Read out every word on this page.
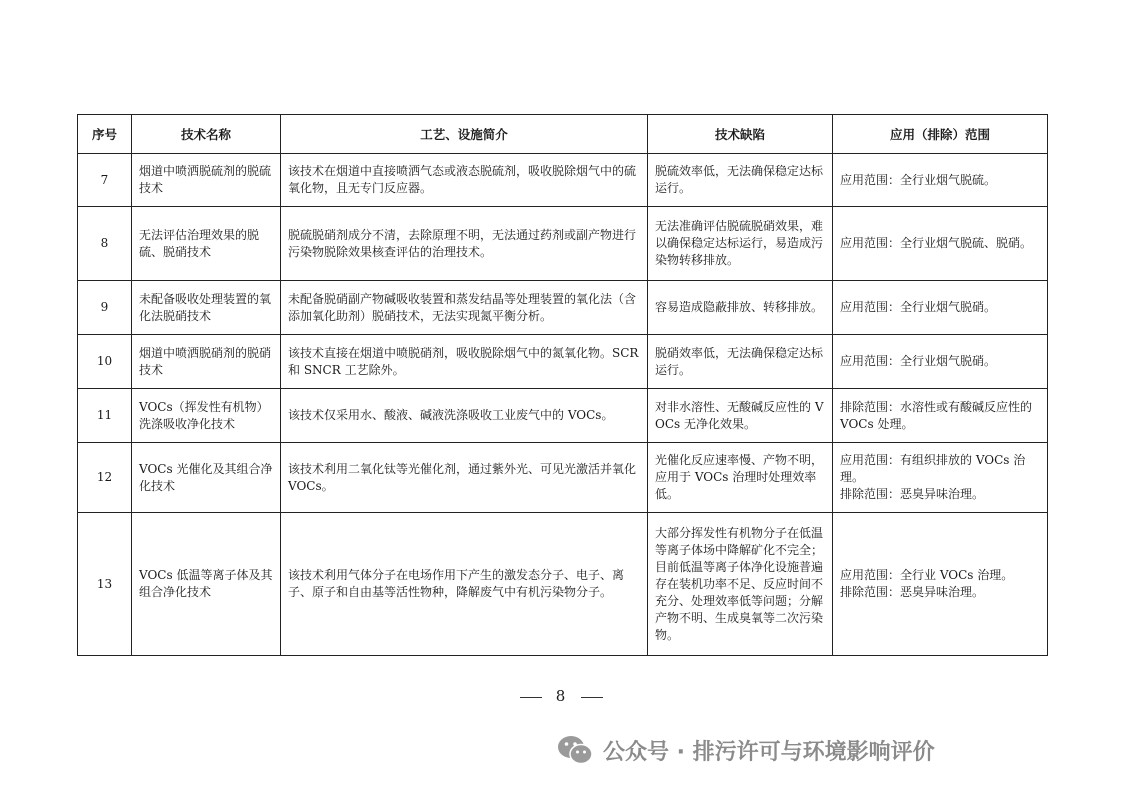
序号	技术名称	工艺、设施简介	技术缺陷	应用（排除）范围
7	烟道中喷洒脱硫剂的脱硫技术	该技术在烟道中直接喷洒气态或液态脱硫剂，吸收脱除烟气中的硫氧化物，且无专门反应器。	脱硫效率低，无法确保稳定达标运行。	应用范围：全行业烟气脱硫。
8	无法评估治理效果的脱硫、脱硝技术	脱硫脱硝剂成分不清，去除原理不明，无法通过药剂或副产物进行污染物脱除效果核查评估的治理技术。	无法准确评估脱硫脱硝效果，难以确保稳定达标运行，易造成污染物转移排放。	应用范围：全行业烟气脱硫、脱硝。
9	未配备吸收处理装置的氧化法脱硝技术	未配备脱硝副产物碱吸收装置和蒸发结晶等处理装置的氧化法（含添加氧化助剂）脱硝技术，无法实现氮平衡分析。	容易造成隐蔽排放、转移排放。	应用范围：全行业烟气脱硝。
10	烟道中喷洒脱硝剂的脱硝技术	该技术直接在烟道中喷脱硝剂，吸收脱除烟气中的氮氧化物。SCR 和 SNCR 工艺除外。	脱硝效率低，无法确保稳定达标运行。	应用范围：全行业烟气脱硝。
11	VOCs（挥发性有机物）洗涤吸收净化技术	该技术仅采用水、酸液、碱液洗涤吸收工业废气中的 VOCs。	对非水溶性、无酸碱反应性的 VOCs 无净化效果。	排除范围：水溶性或有酸碱反应性的 VOCs 处理。
12	VOCs 光催化及其组合净化技术	该技术利用二氧化钛等光催化剂，通过紫外光、可见光激活并氧化 VOCs。	光催化反应速率慢、产物不明，应用于 VOCs 治理时处理效率低。	应用范围：有组织排放的 VOCs 治理。
排除范围：恶臭异味治理。
13	VOCs 低温等离子体及其组合净化技术	该技术利用气体分子在电场作用下产生的激发态分子、电子、离子、原子和自由基等活性物种，降解废气中有机污染物分子。	大部分挥发性有机物分子在低温等离子体场中降解矿化不完全；目前低温等离子体净化设施普遍存在装机功率不足、反应时间不充分、处理效率低等问题；分解产物不明、生成臭氧等二次污染物。	应用范围：全行业 VOCs 治理。
排除范围：恶臭异味治理。
8
公众号 · 排污许可与环境影响评价
